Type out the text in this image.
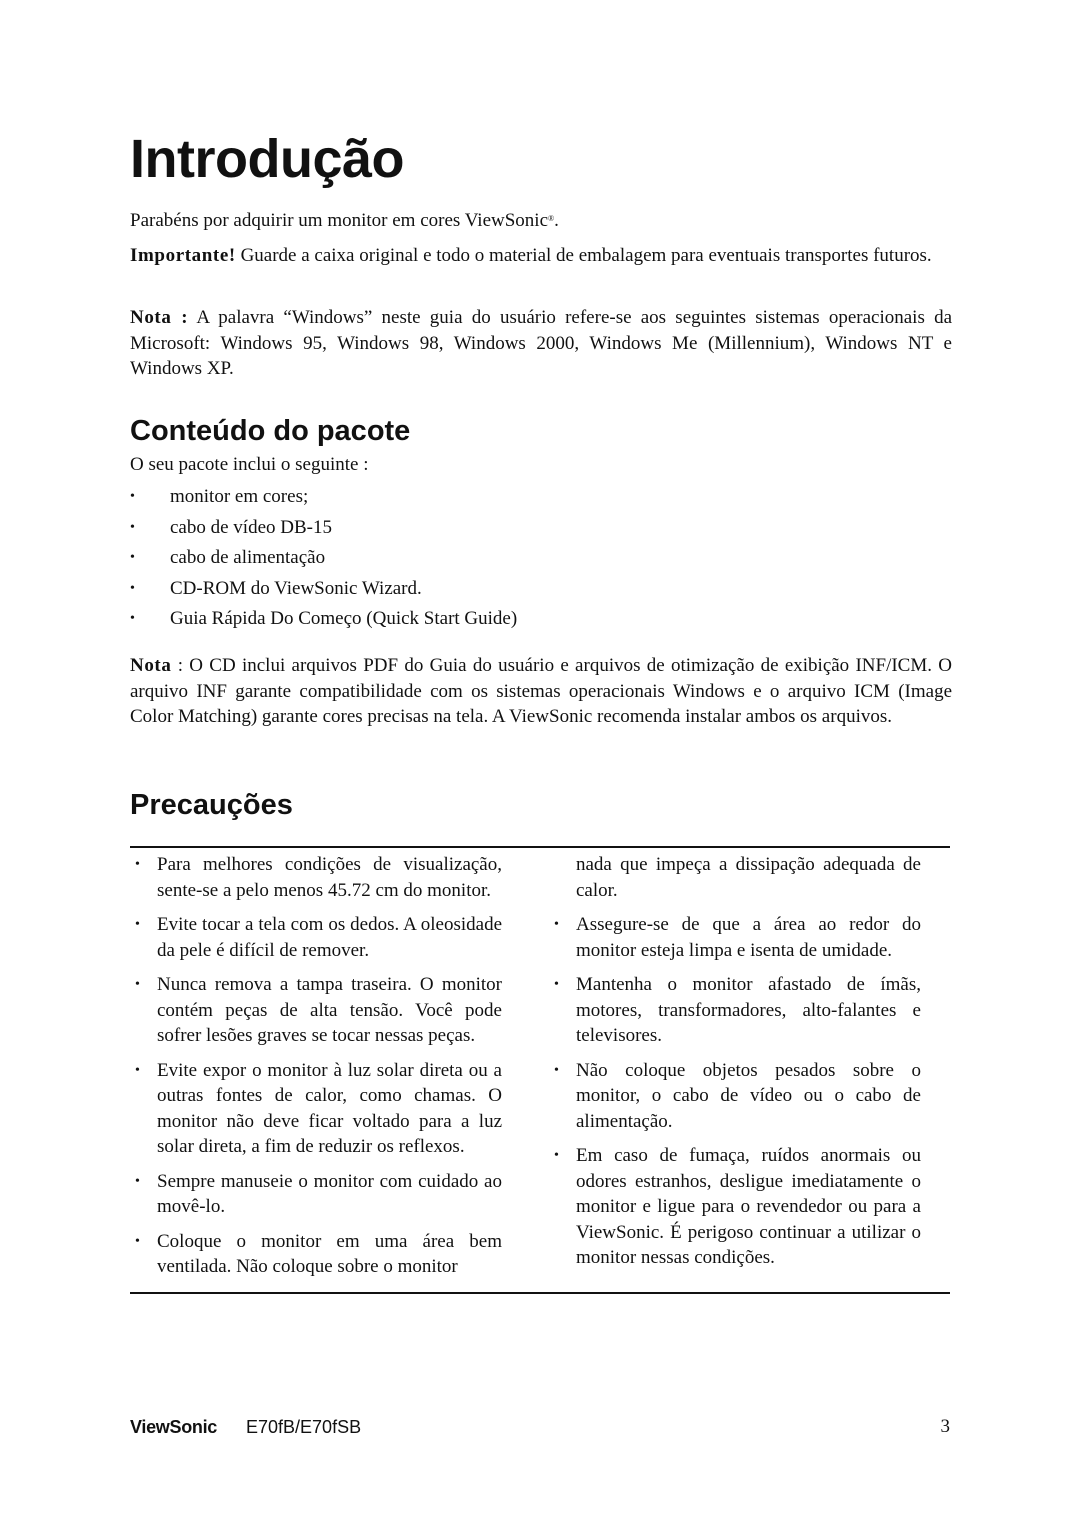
Introdução

Parabéns por adquirir um monitor em cores ViewSonic®.

Importante! Guarde a caixa original e todo o material de embalagem para eventuais transportes futuros.

Nota : A palavra “Windows” neste guia do usuário refere-se aos seguintes sistemas operacionais da Microsoft: Windows 95, Windows 98, Windows 2000, Windows Me (Millennium), Windows NT e Windows XP.

Conteúdo do pacote

O seu pacote inclui o seguinte :

• monitor em cores;
• cabo de vídeo DB-15
• cabo de alimentação
• CD-ROM do ViewSonic Wizard.
• Guia Rápida Do Começo (Quick Start Guide)

Nota : O CD inclui arquivos PDF do Guia do usuário e arquivos de otimização de exibição INF/ICM. O arquivo INF garante compatibilidade com os sistemas operacionais Windows e o arquivo ICM (Image Color Matching) garante cores precisas na tela. A ViewSonic recomenda instalar ambos os arquivos.

Precauções
• Para melhores condições de visualização, sente-se a pelo menos 45.72 cm do monitor.
• Evite tocar a tela com os dedos. A oleosidade da pele é difícil de remover.
• Nunca remova a tampa traseira. O monitor contém peças de alta tensão. Você pode sofrer lesões graves se tocar nessas peças.
• Evite expor o monitor à luz solar direta ou a outras fontes de calor, como chamas. O monitor não deve ficar voltado para a luz solar direta, a fim de reduzir os reflexos.
• Sempre manuseie o monitor com cuidado ao movê-lo.
• Coloque o monitor em uma área bem ventilada. Não coloque sobre o monitor
nada que impeça a dissipação adequada de calor.
• Assegure-se de que a área ao redor do monitor esteja limpa e isenta de umidade.
• Mantenha o monitor afastado de ímãs, motores, transformadores, alto-falantes e televisores.
• Não coloque objetos pesados sobre o monitor, o cabo de vídeo ou o cabo de alimentação.
• Em caso de fumaça, ruídos anormais ou odores estranhos, desligue imediatamente o monitor e ligue para o revendedor ou para a ViewSonic. É perigoso continuar a utilizar o monitor nessas condições.
ViewSonic E70fB/E70fSB	3
